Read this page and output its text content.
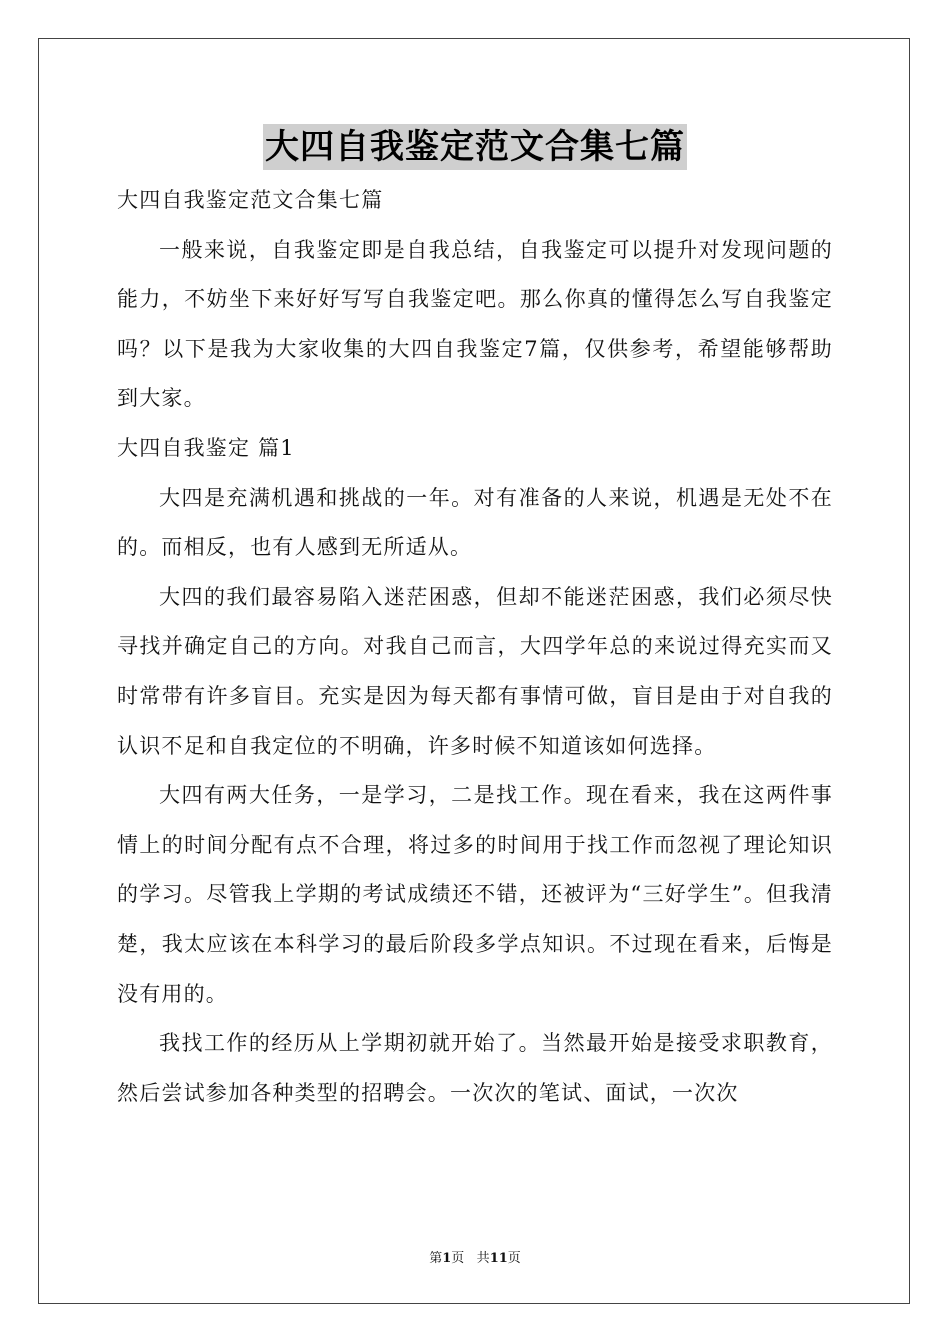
大四自我鉴定范文合集七篇

大四自我鉴定范文合集七篇

一般来说，自我鉴定即是自我总结，自我鉴定可以提升对发现问题的能力，不妨坐下来好好写写自我鉴定吧。那么你真的懂得怎么写自我鉴定吗？以下是我为大家收集的大四自我鉴定7篇，仅供参考，希望能够帮助到大家。

大四自我鉴定 篇1

大四是充满机遇和挑战的一年。对有准备的人来说，机遇是无处不在的。而相反，也有人感到无所适从。

大四的我们最容易陷入迷茫困惑，但却不能迷茫困惑，我们必须尽快寻找并确定自己的方向。对我自己而言，大四学年总的来说过得充实而又时常带有许多盲目。充实是因为每天都有事情可做，盲目是由于对自我的认识不足和自我定位的不明确，许多时候不知道该如何选择。

大四有两大任务，一是学习，二是找工作。现在看来，我在这两件事情上的时间分配有点不合理，将过多的时间用于找工作而忽视了理论知识的学习。尽管我上学期的考试成绩还不错，还被评为“三好学生”。但我清楚，我太应该在本科学习的最后阶段多学点知识。不过现在看来，后悔是没有用的。

我找工作的经历从上学期初就开始了。当然最开始是接受求职教育，然后尝试参加各种类型的招聘会。一次次的笔试、面试，一次次

第1页 共11页
